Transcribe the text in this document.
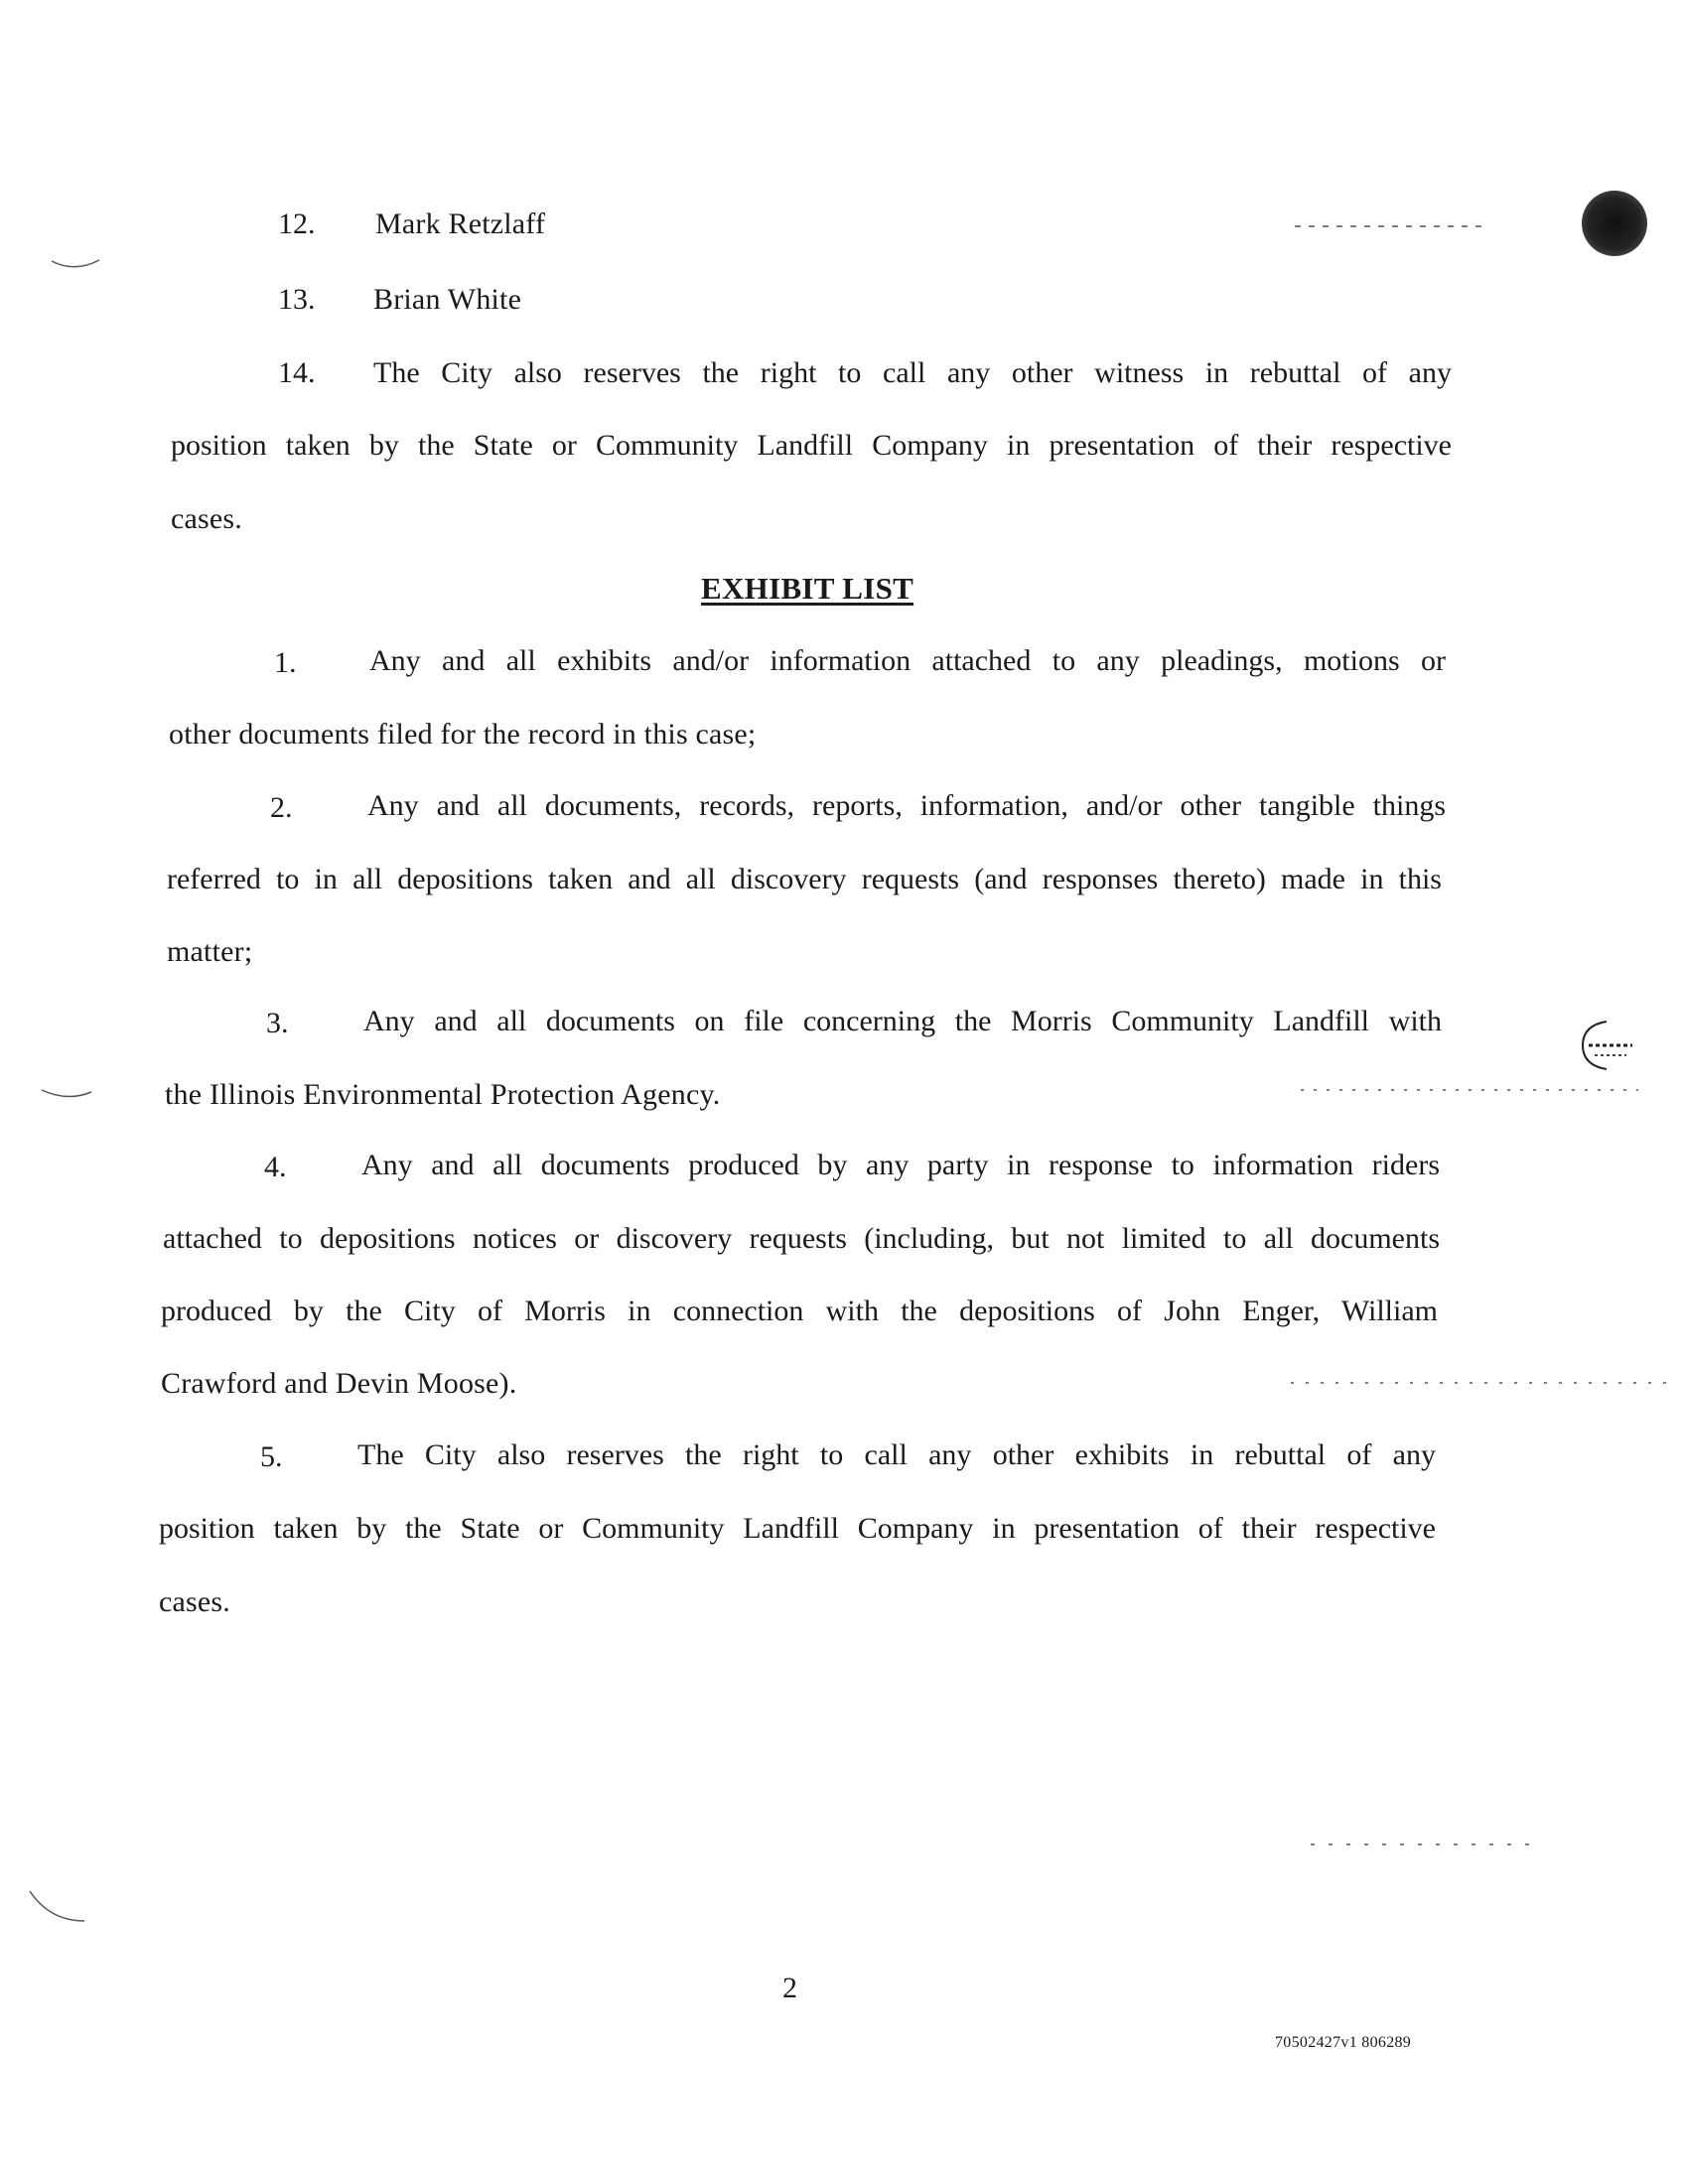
12. Mark Retzlaff
13. Brian White
14. The City also reserves the right to call any other witness in rebuttal of any
position taken by the State or Community Landfill Company in presentation of their respective
cases.
EXHIBIT LIST
1. Any and all exhibits and/or information attached to any pleadings, motions or
other documents filed for the record in this case;
2.	Any and all documents, records, reports, information, and/or other tangible things
referred to in all depositions taken and all discovery requests (and responses thereto) made in this
matter;
3.	Any and all documents on file concerning the Morris Community Landfill with
the Illinois Environmental Protection Agency.
4.	Any and all documents produced by any party in response to information riders
attached to depositions notices or discovery requests (including, but not limited to all documents
produced by the City of Morris in connection with the depositions of John Enger, William
Crawford and Devin Moose).
5.	The City also reserves the right to call any other exhibits in rebuttal of any
position taken by the State or Community Landfill Company in presentation of their respective
cases.
2
70502427v1 806289
